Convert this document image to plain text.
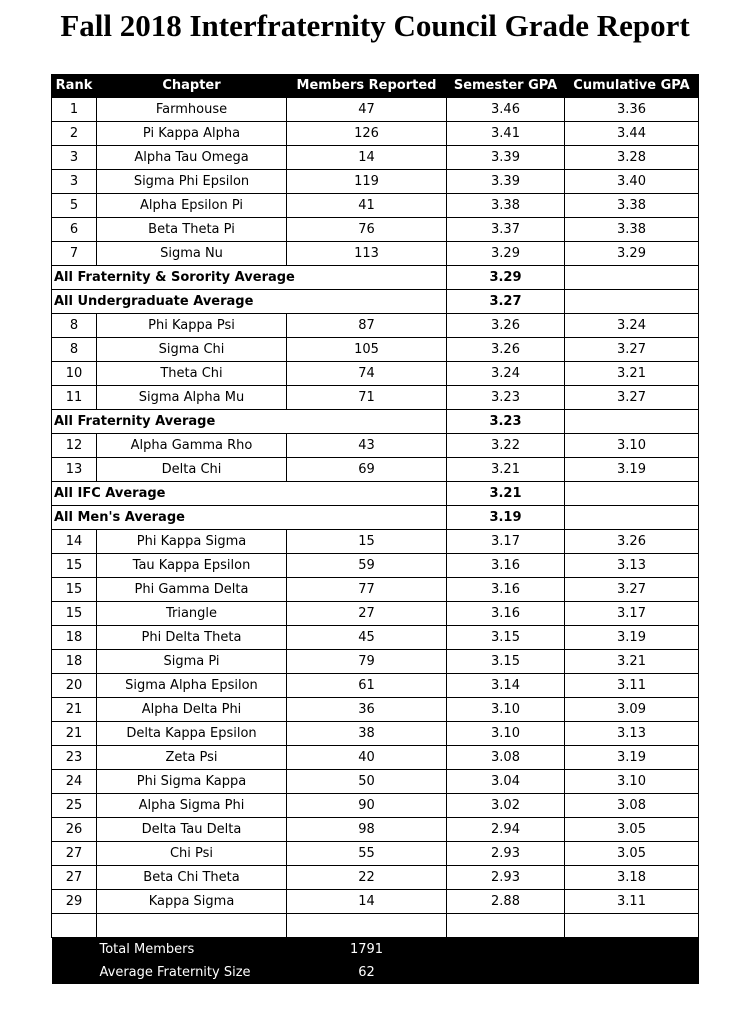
Fall 2018 Interfraternity Council Grade Report
Rank	Chapter	Members Reported	Semester GPA	Cumulative GPA
1	Farmhouse	47	3.46	3.36
2	Pi Kappa Alpha	126	3.41	3.44
3	Alpha Tau Omega	14	3.39	3.28
3	Sigma Phi Epsilon	119	3.39	3.40
5	Alpha Epsilon Pi	41	3.38	3.38
6	Beta Theta Pi	76	3.37	3.38
7	Sigma Nu	113	3.29	3.29
All Fraternity & Sorority Average			3.29	
All Undergraduate Average			3.27	
8	Phi Kappa Psi	87	3.26	3.24
8	Sigma Chi	105	3.26	3.27
10	Theta Chi	74	3.24	3.21
11	Sigma Alpha Mu	71	3.23	3.27
All Fraternity Average			3.23	
12	Alpha Gamma Rho	43	3.22	3.10
13	Delta Chi	69	3.21	3.19
All IFC Average			3.21	
All Men's Average			3.19	
14	Phi Kappa Sigma	15	3.17	3.26
15	Tau Kappa Epsilon	59	3.16	3.13
15	Phi Gamma Delta	77	3.16	3.27
15	Triangle	27	3.16	3.17
18	Phi Delta Theta	45	3.15	3.19
18	Sigma Pi	79	3.15	3.21
20	Sigma Alpha Epsilon	61	3.14	3.11
21	Alpha Delta Phi	36	3.10	3.09
21	Delta Kappa Epsilon	38	3.10	3.13
23	Zeta Psi	40	3.08	3.19
24	Phi Sigma Kappa	50	3.04	3.10
25	Alpha Sigma Phi	90	3.02	3.08
26	Delta Tau Delta	98	2.94	3.05
27	Chi Psi	55	2.93	3.05
27	Beta Chi Theta	22	2.93	3.18
29	Kappa Sigma	14	2.88	3.11

Total Members		1791		
Average Fraternity Size		62		
